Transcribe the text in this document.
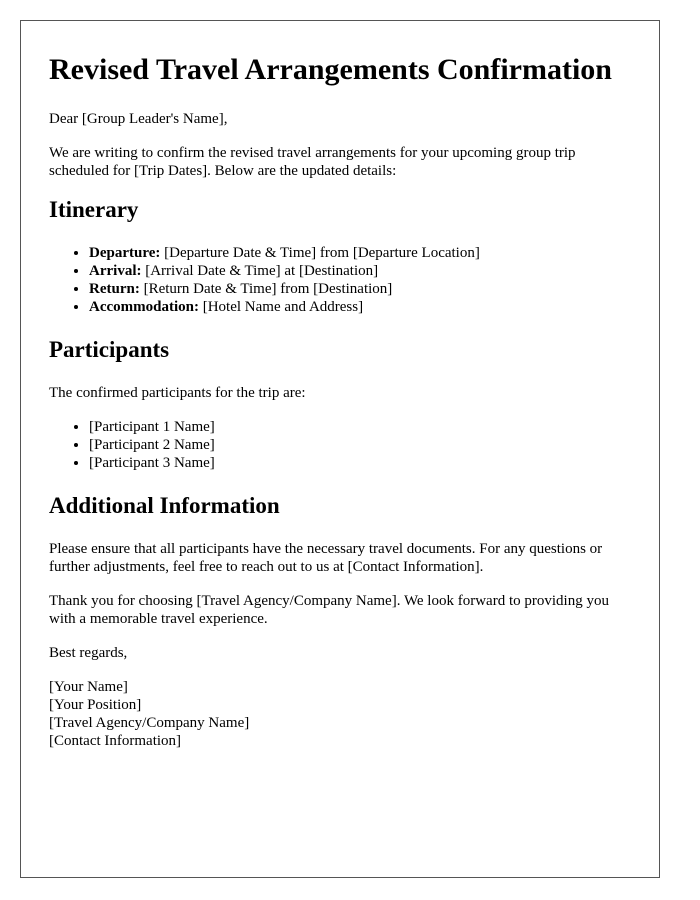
Revised Travel Arrangements Confirmation

Dear [Group Leader's Name],

We are writing to confirm the revised travel arrangements for your upcoming group trip scheduled for [Trip Dates]. Below are the updated details:

Itinerary
• Departure: [Departure Date & Time] from [Departure Location]
• Arrival: [Arrival Date & Time] at [Destination]
• Return: [Return Date & Time] from [Destination]
• Accommodation: [Hotel Name and Address]
Participants

The confirmed participants for the trip are:

• [Participant 1 Name]
• [Participant 2 Name]
• [Participant 3 Name]
Additional Information

Please ensure that all participants have the necessary travel documents. For any questions or further adjustments, feel free to reach out to us at [Contact Information].

Thank you for choosing [Travel Agency/Company Name]. We look forward to providing you with a memorable travel experience.

Best regards,

[Your Name]
[Your Position]
[Travel Agency/Company Name]
[Contact Information]
